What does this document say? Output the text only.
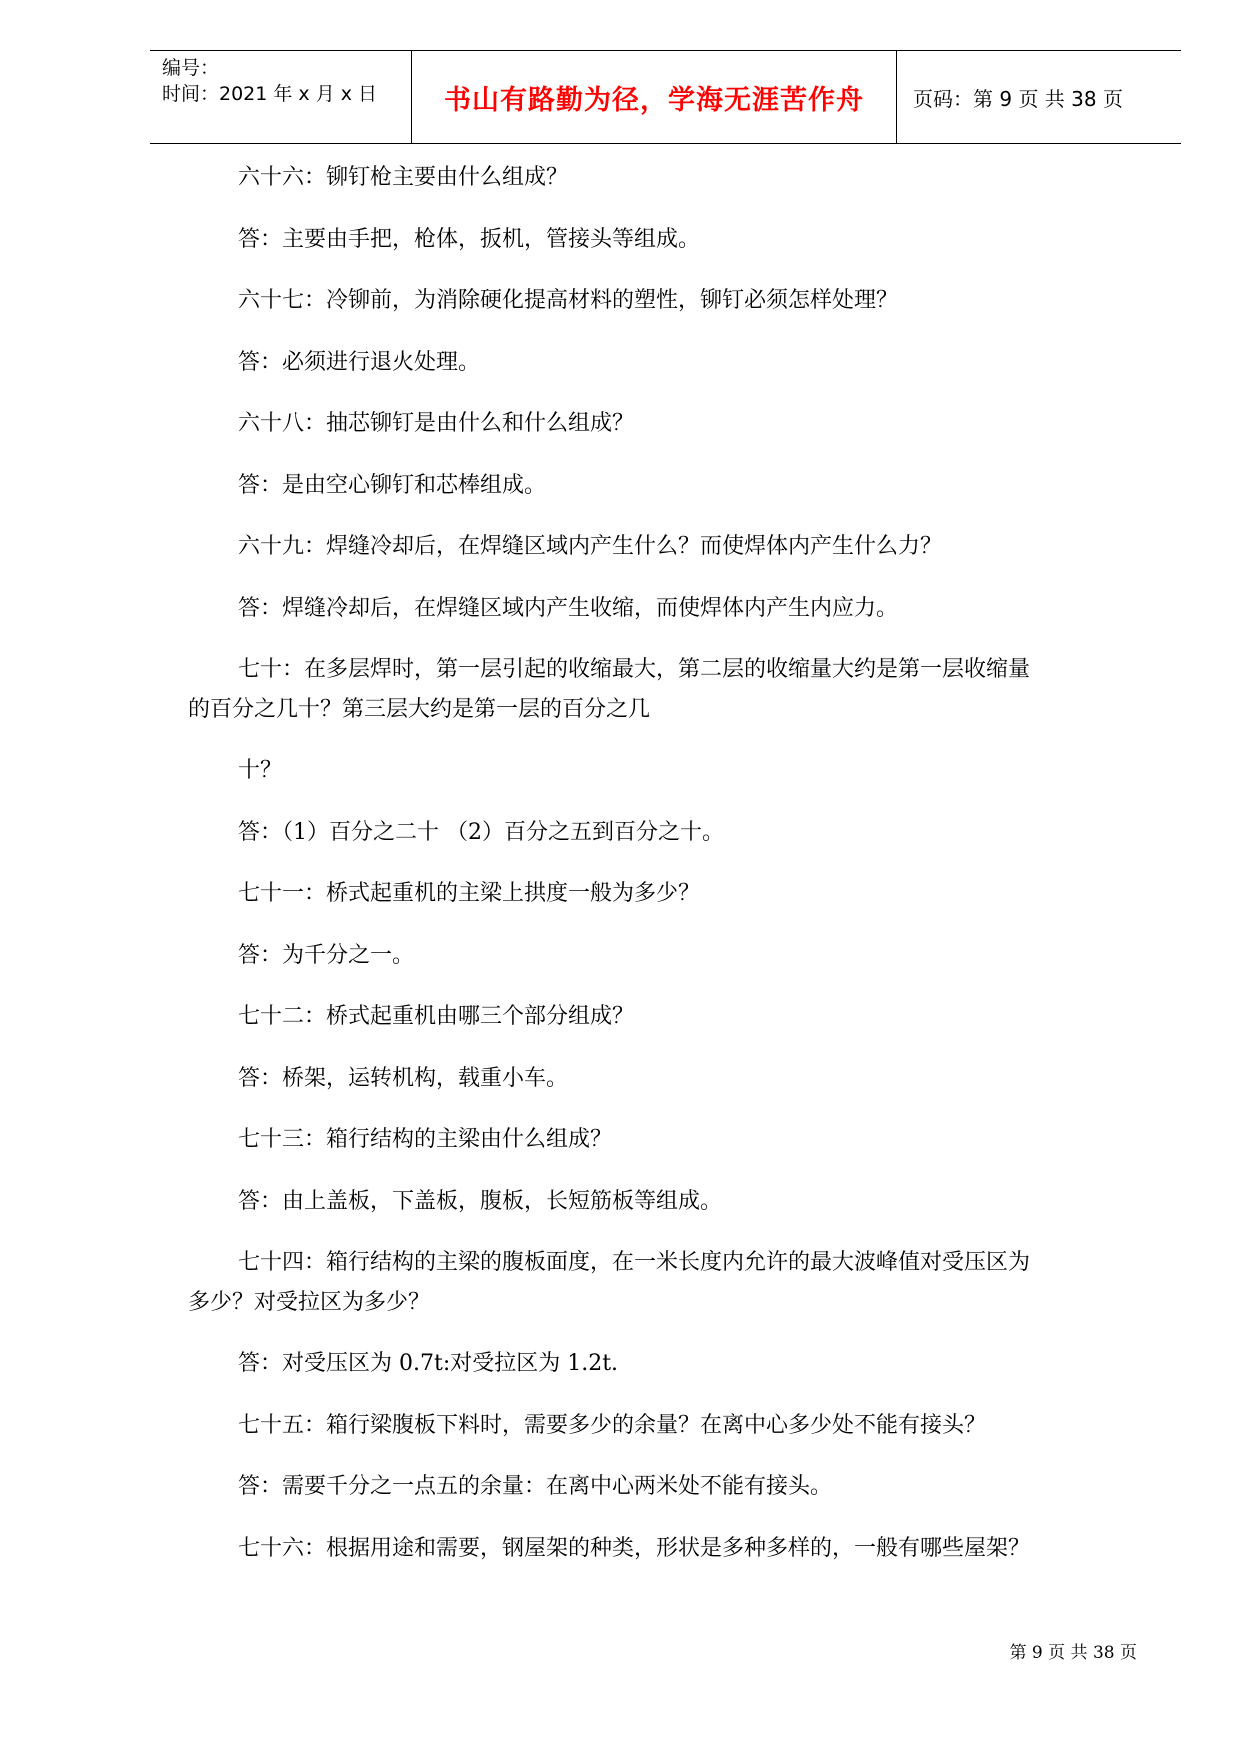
编号：
时间：2021 年 x 月 x 日	书山有路勤为径，学海无涯苦作舟 页码：第 9 页 共 38 页
六十六：铆钉枪主要由什么组成？
答：主要由手把，枪体，扳机，管接头等组成。
六十七：冷铆前，为消除硬化提高材料的塑性，铆钉必须怎样处理？
答：必须进行退火处理。
六十八：抽芯铆钉是由什么和什么组成？
答：是由空心铆钉和芯棒组成。
六十九：焊缝冷却后，在焊缝区域内产生什么？而使焊体内产生什么力？
答：焊缝冷却后，在焊缝区域内产生收缩，而使焊体内产生内应力。
七十：在多层焊时，第一层引起的收缩最大，第二层的收缩量大约是第一层收缩量
的百分之几十？第三层大约是第一层的百分之几
十？
答：（1）百分之二十 （2）百分之五到百分之十。
七十一：桥式起重机的主梁上拱度一般为多少？
答：为千分之一。
七十二：桥式起重机由哪三个部分组成？
答：桥架，运转机构，载重小车。
七十三：箱行结构的主梁由什么组成？
答：由上盖板，下盖板，腹板，长短筋板等组成。
七十四：箱行结构的主梁的腹板面度，在一米长度内允许的最大波峰值对受压区为
多少？对受拉区为多少？
答：对受压区为 0.7t:对受拉区为 1.2t.
七十五：箱行梁腹板下料时，需要多少的余量？在离中心多少处不能有接头？
答：需要千分之一点五的余量：在离中心两米处不能有接头。
七十六：根据用途和需要，钢屋架的种类，形状是多种多样的，一般有哪些屋架？
第 9 页 共 38 页
